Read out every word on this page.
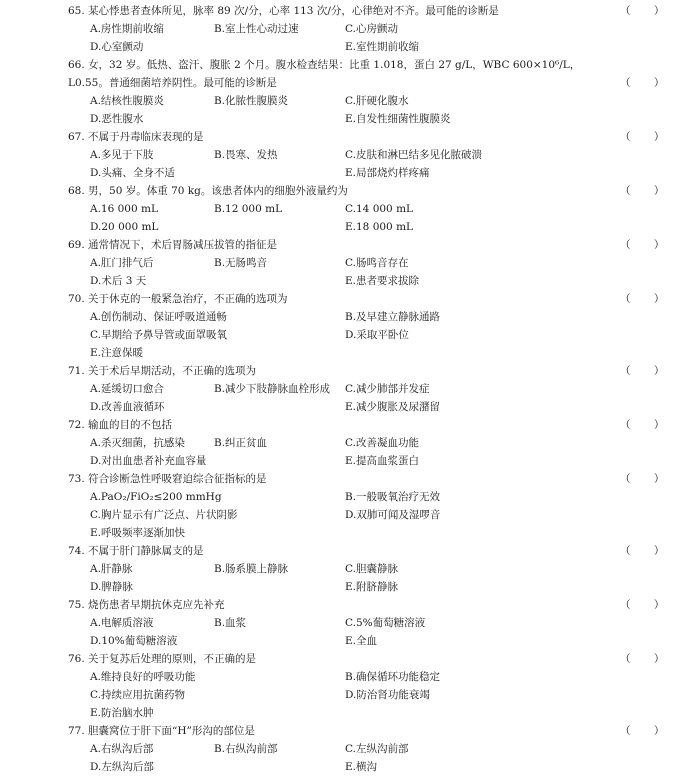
65. 某心悸患者查体所见，脉率 89 次/分，心率 113 次/分，心律绝对不齐。最可能的诊断是	（ ）
A.房性期前收缩	B.室上性心动过速	C.心房颤动
D.心室颤动	E.室性期前收缩
66. 女，32 岁。低热、盗汗、腹胀 2 个月。腹水检查结果：比重 1.018，蛋白 27 g/L，WBC 600×10⁶/L，
L0.55。普通细菌培养阴性。最可能的诊断是	（ ）
A.结核性腹膜炎	B.化脓性腹膜炎	C.肝硬化腹水
D.恶性腹水	E.自发性细菌性腹膜炎
67. 不属于丹毒临床表现的是	（ ）
A.多见于下肢	B.畏寒、发热	C.皮肤和淋巴结多见化脓破溃
D.头痛、全身不适	E.局部烧灼样疼痛
68. 男，50 岁。体重 70 kg。该患者体内的细胞外液量约为	（ ）
A.16 000 mL	B.12 000 mL	C.14 000 mL
D.20 000 mL	E.18 000 mL
69. 通常情况下，术后胃肠减压拔管的指征是	（ ）
A.肛门排气后	B.无肠鸣音	C.肠鸣音存在
D.术后 3 天	E.患者要求拔除
70. 关于休克的一般紧急治疗，不正确的选项为	（ ）
A.创伤制动、保证呼吸道通畅	B.及早建立静脉通路
C.早期给予鼻导管或面罩吸氧	D.采取平卧位
E.注意保暖
71. 关于术后早期活动，不正确的选项为	（ ）
A.延缓切口愈合	B.减少下肢静脉血栓形成 C.减少肺部并发症
D.改善血液循环	E.减少腹胀及尿潴留
72. 输血的目的不包括	（ ）
A.杀灭细菌，抗感染	B.纠正贫血	C.改善凝血功能
D.对出血患者补充血容量	E.提高血浆蛋白
73. 符合诊断急性呼吸窘迫综合征指标的是	（ ）
A.PaO₂/FiO₂≤200 mmHg	B.一般吸氧治疗无效
C.胸片显示有广泛点、片状阴影	D.双肺可闻及湿啰音
E.呼吸频率逐渐加快
74. 不属于肝门静脉属支的是	（ ）
A.肝静脉	B.肠系膜上静脉	C.胆囊静脉
D.脾静脉	E.附脐静脉
75. 烧伤患者早期抗休克应先补充	（ ）
A.电解质溶液	B.血浆	C.5%葡萄糖溶液
D.10%葡萄糖溶液	E.全血
76. 关于复苏后处理的原则，不正确的是	（ ）
A.维持良好的呼吸功能	B.确保循环功能稳定
C.持续应用抗菌药物	D.防治肾功能衰竭
E.防治脑水肿
77. 胆囊窝位于肝下面“H”形沟的部位是	（ ）
A.右纵沟后部	B.右纵沟前部	C.左纵沟前部
D.左纵沟后部	E.横沟
